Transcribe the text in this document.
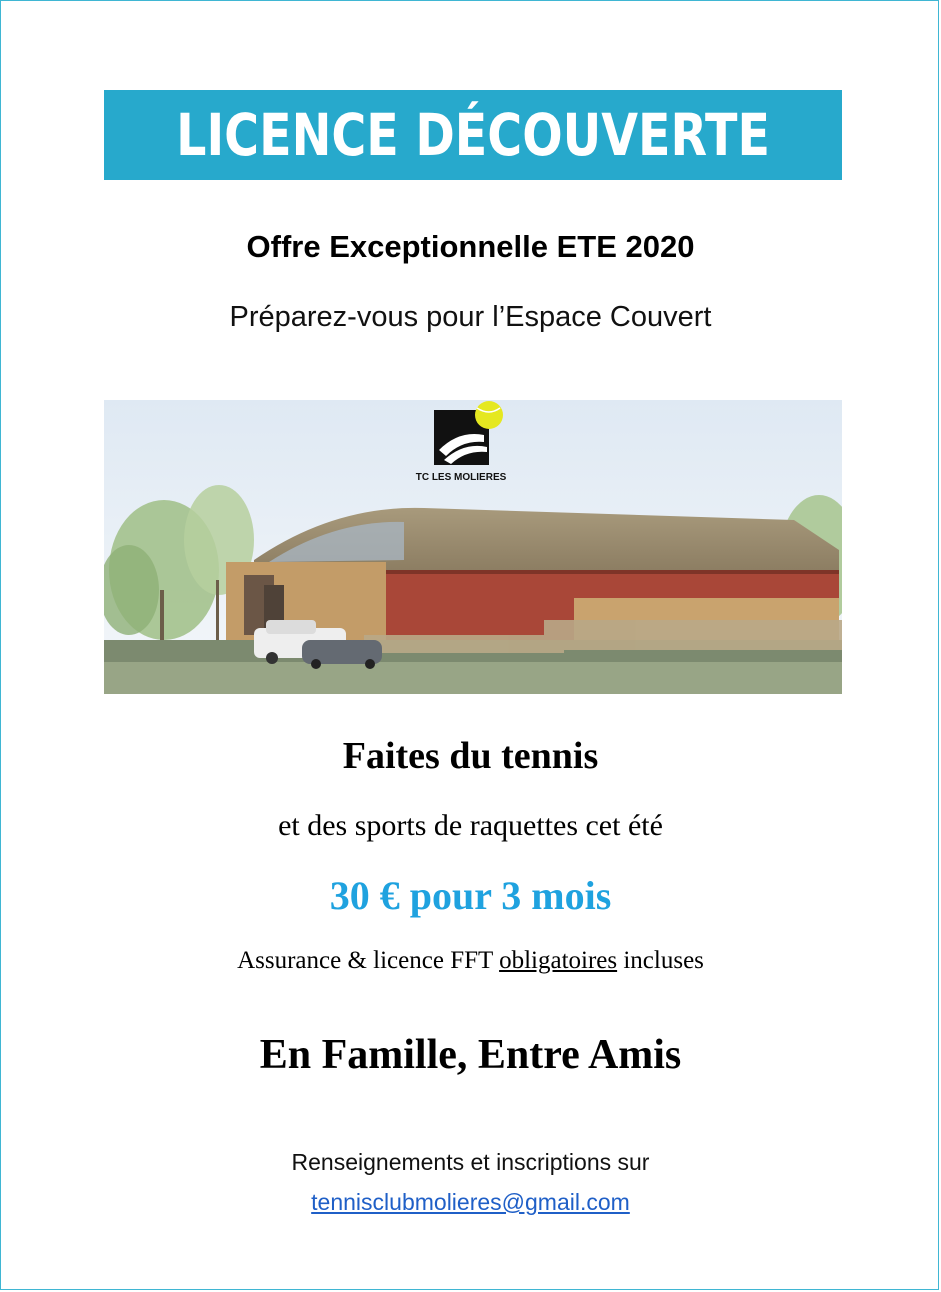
LICENCE DÉCOUVERTE
Offre Exceptionnelle ETE 2020
Préparez-vous pour l’Espace Couvert
TC LES MOLIERES
Faites du tennis
et des sports de raquettes cet été
30 € pour 3 mois
Assurance & licence FFT obligatoires incluses
En Famille, Entre Amis
Renseignements et inscriptions sur
tennisclubmolieres@gmail.com
